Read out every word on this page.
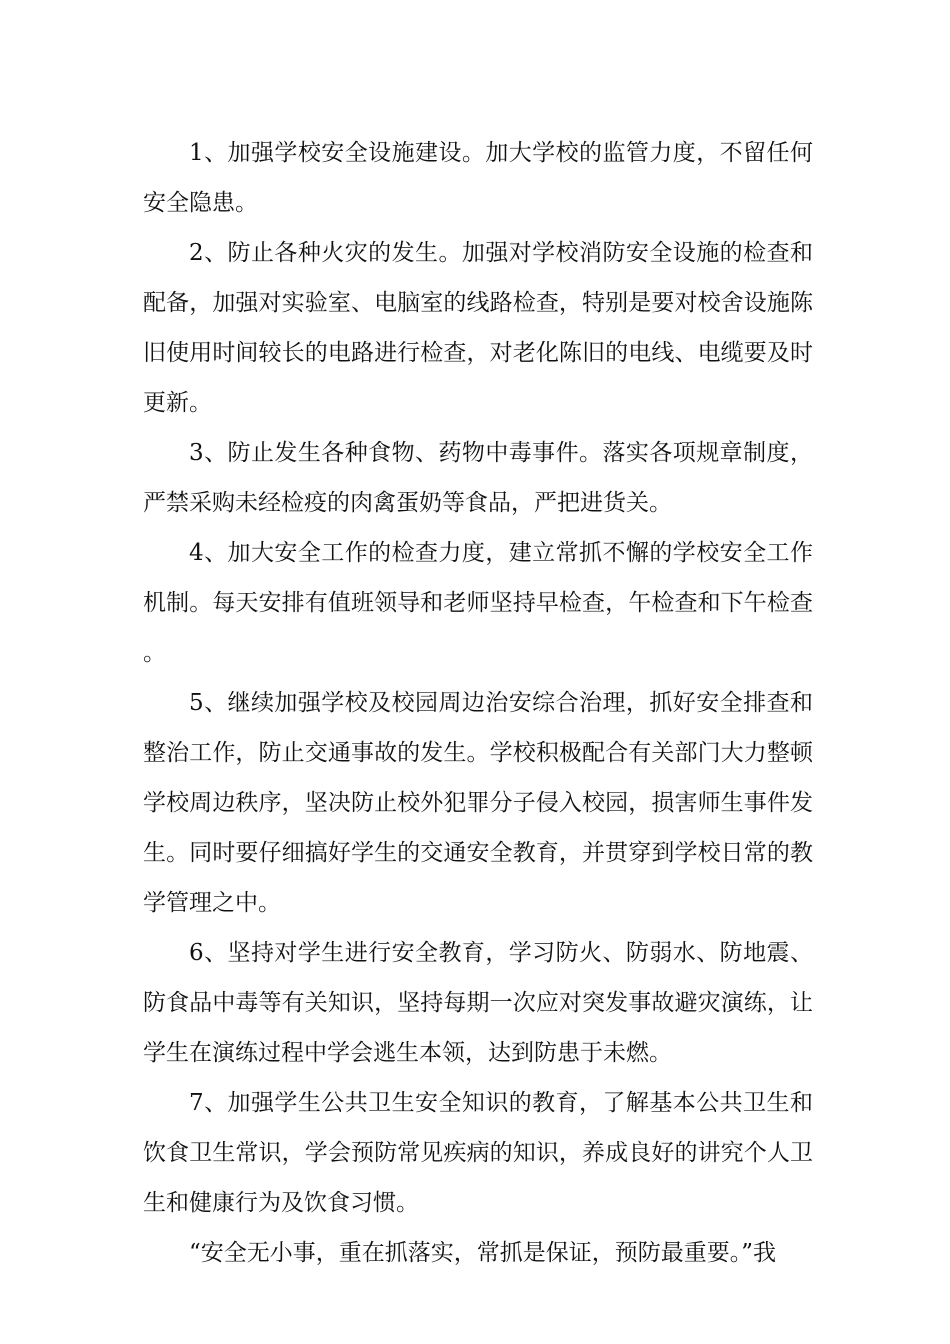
1、加强学校安全设施建设。加大学校的监管力度，不留任何安全隐患。

2、防止各种火灾的发生。加强对学校消防安全设施的检查和配备，加强对实验室、电脑室的线路检查，特别是要对校舍设施陈旧使用时间较长的电路进行检查，对老化陈旧的电线、电缆要及时更新。

3、防止发生各种食物、药物中毒事件。落实各项规章制度，严禁采购未经检疫的肉禽蛋奶等食品，严把进货关。

4、加大安全工作的检查力度，建立常抓不懈的学校安全工作机制。每天安排有值班领导和老师坚持早检查，午检查和下午检查。

5、继续加强学校及校园周边治安综合治理，抓好安全排查和整治工作，防止交通事故的发生。学校积极配合有关部门大力整顿学校周边秩序，坚决防止校外犯罪分子侵入校园，损害师生事件发生。同时要仔细搞好学生的交通安全教育，并贯穿到学校日常的教学管理之中。

6、坚持对学生进行安全教育，学习防火、防弱水、防地震、防食品中毒等有关知识，坚持每期一次应对突发事故避灾演练，让学生在演练过程中学会逃生本领，达到防患于未燃。

7、加强学生公共卫生安全知识的教育，了解基本公共卫生和饮食卫生常识，学会预防常见疾病的知识，养成良好的讲究个人卫生和健康行为及饮食习惯。

“安全无小事，重在抓落实，常抓是保证，预防最重要。”我
